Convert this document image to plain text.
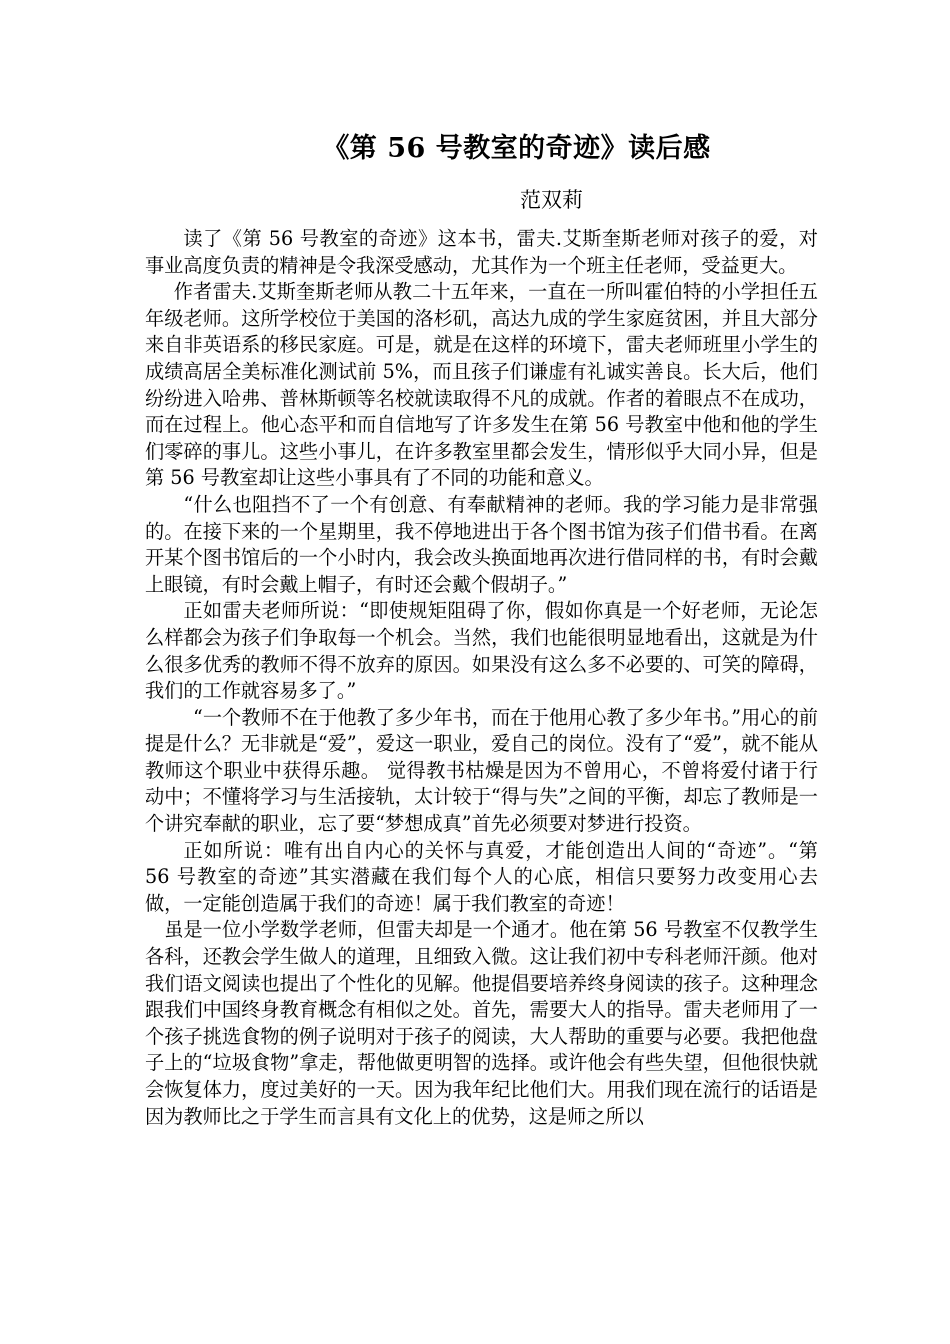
《第 56 号教室的奇迹》读后感
范双莉

读了《第 56 号教室的奇迹》这本书，雷夫.艾斯奎斯老师对孩子的爱，对事业高度负责的精神是令我深受感动，尤其作为一个班主任老师，受益更大。

作者雷夫.艾斯奎斯老师从教二十五年来，一直在一所叫霍伯特的小学担任五年级老师。这所学校位于美国的洛杉矶，高达九成的学生家庭贫困，并且大部分来自非英语系的移民家庭。可是，就是在这样的环境下，雷夫老师班里小学生的成绩高居全美标准化测试前 5%，而且孩子们谦虚有礼诚实善良。长大后，他们纷纷进入哈弗、普林斯顿等名校就读取得不凡的成就。作者的着眼点不在成功，而在过程上。他心态平和而自信地写了许多发生在第 56 号教室中他和他的学生们零碎的事儿。这些小事儿，在许多教室里都会发生，情形似乎大同小异，但是第 56 号教室却让这些小事具有了不同的功能和意义。

“什么也阻挡不了一个有创意、有奉献精神的老师。我的学习能力是非常强的。在接下来的一个星期里，我不停地进出于各个图书馆为孩子们借书看。在离开某个图书馆后的一个小时内，我会改头换面地再次进行借同样的书，有时会戴上眼镜，有时会戴上帽子，有时还会戴个假胡子。”

正如雷夫老师所说：“即使规矩阻碍了你，假如你真是一个好老师，无论怎么样都会为孩子们争取每一个机会。当然，我们也能很明显地看出，这就是为什么很多优秀的教师不得不放弃的原因。如果没有这么多不必要的、可笑的障碍，我们的工作就容易多了。”

“一个教师不在于他教了多少年书，而在于他用心教了多少年书。”用心的前提是什么？无非就是“爱”，爱这一职业，爱自己的岗位。没有了“爱”，就不能从教师这个职业中获得乐趣。 觉得教书枯燥是因为不曾用心，不曾将爱付诸于行动中；不懂将学习与生活接轨，太计较于“得与失”之间的平衡，却忘了教师是一个讲究奉献的职业，忘了要“梦想成真”首先必须要对梦进行投资。

正如所说：唯有出自内心的关怀与真爱，才能创造出人间的“奇迹”。“第 56 号教室的奇迹”其实潜藏在我们每个人的心底，相信只要努力改变用心去做，一定能创造属于我们的奇迹！属于我们教室的奇迹！

虽是一位小学数学老师，但雷夫却是一个通才。他在第 56 号教室不仅教学生各科，还教会学生做人的道理，且细致入微。这让我们初中专科老师汗颜。他对我们语文阅读也提出了个性化的见解。他提倡要培养终身阅读的孩子。这种理念跟我们中国终身教育概念有相似之处。首先，需要大人的指导。雷夫老师用了一个孩子挑选食物的例子说明对于孩子的阅读，大人帮助的重要与必要。我把他盘子上的“垃圾食物”拿走，帮他做更明智的选择。或许他会有些失望，但他很快就会恢复体力，度过美好的一天。因为我年纪比他们大。用我们现在流行的话语是因为教师比之于学生而言具有文化上的优势，这是师之所以
